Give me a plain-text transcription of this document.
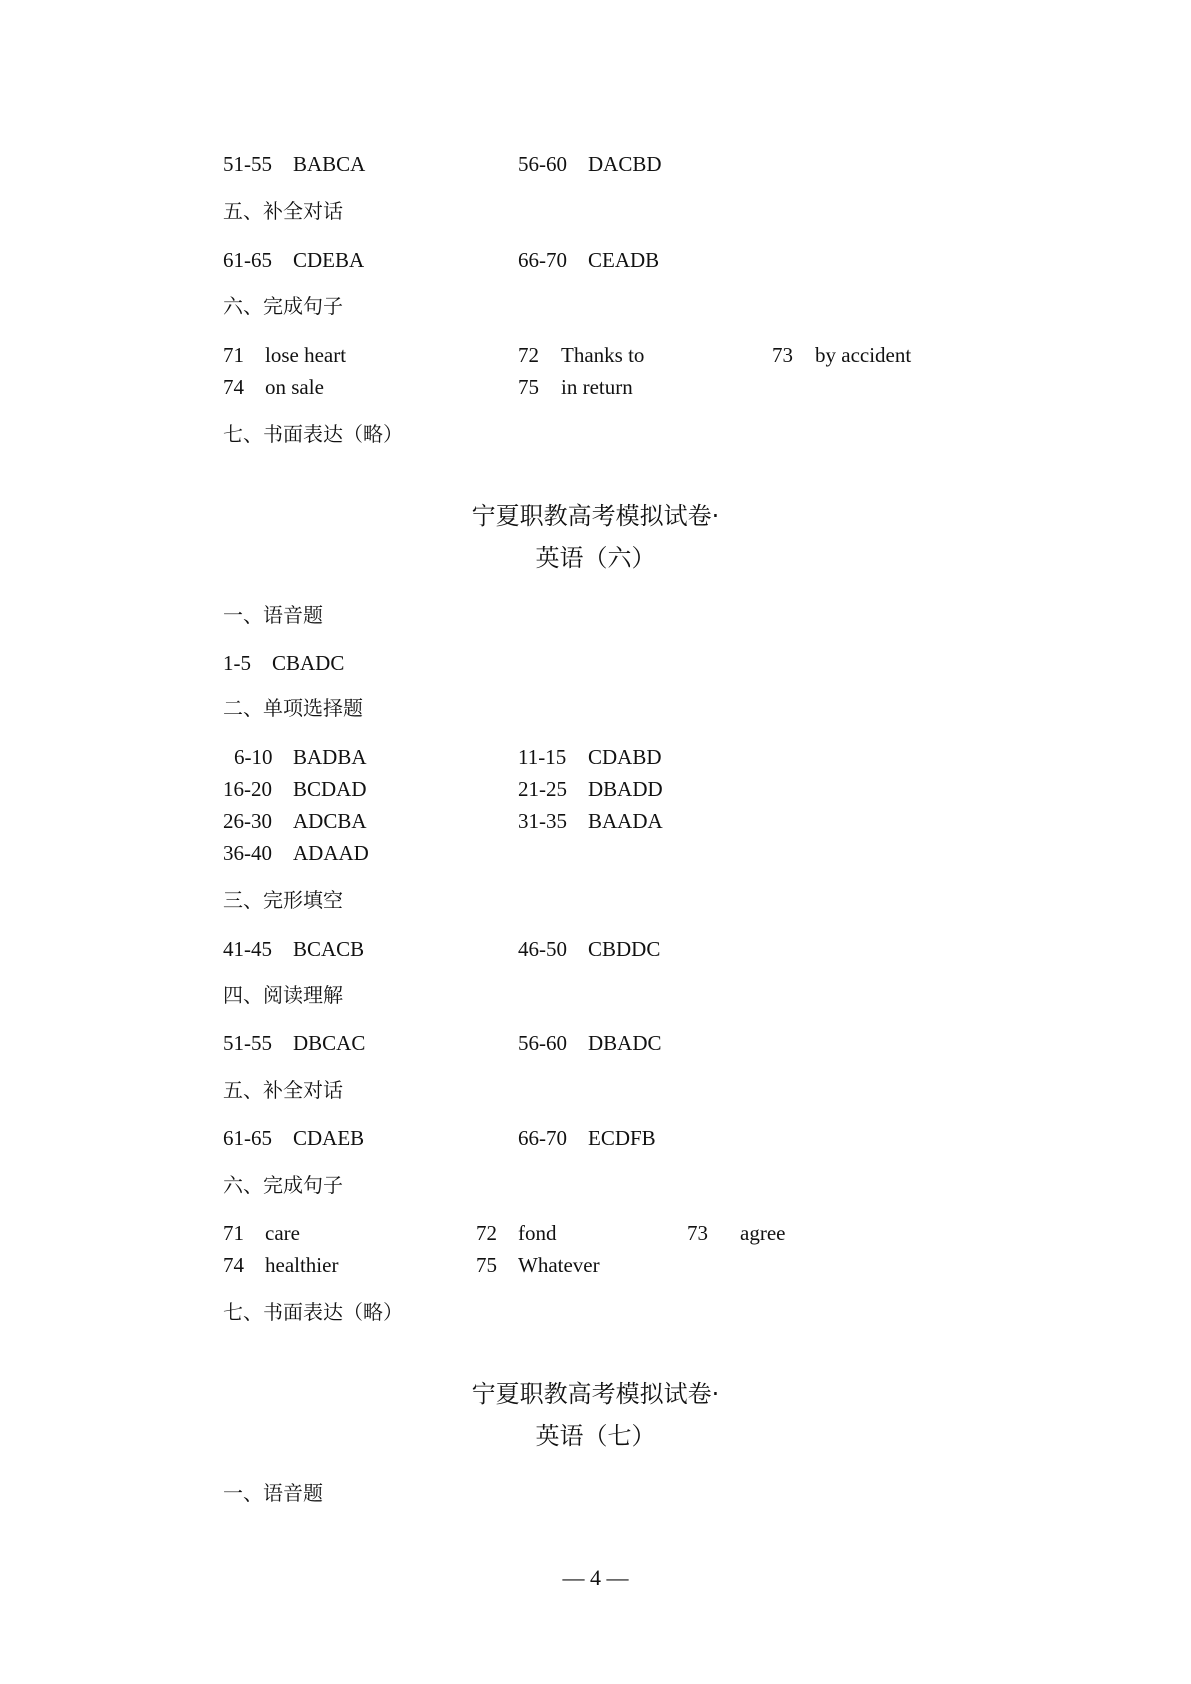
51-55 BABCA	56-60 DACBD
五、补全对话
61-65 CDEBA	66-70 CEADB
六、完成句子
71 lose heart	72 Thanks to	73 by accident
74 on sale	75 in return
七、书面表达（略）
宁夏职教高考模拟试卷·
英语（六）
一、语音题
1-5 CBADC
二、单项选择题
6-10 BADBA	11-15 CDABD
16-20 BCDAD	21-25 DBADD
26-30 ADCBA	31-35 BAADA
36-40 ADAAD
三、完形填空
41-45 BCACB	46-50 CBDDC
四、阅读理解
51-55 DBCAC	56-60 DBADC
五、补全对话
61-65 CDAEB	66-70 ECDFB
六、完成句子
71 care	72 fond	73 agree
74 healthier	75 Whatever
七、书面表达（略）
宁夏职教高考模拟试卷·
英语（七）
一、语音题
— 4 —
